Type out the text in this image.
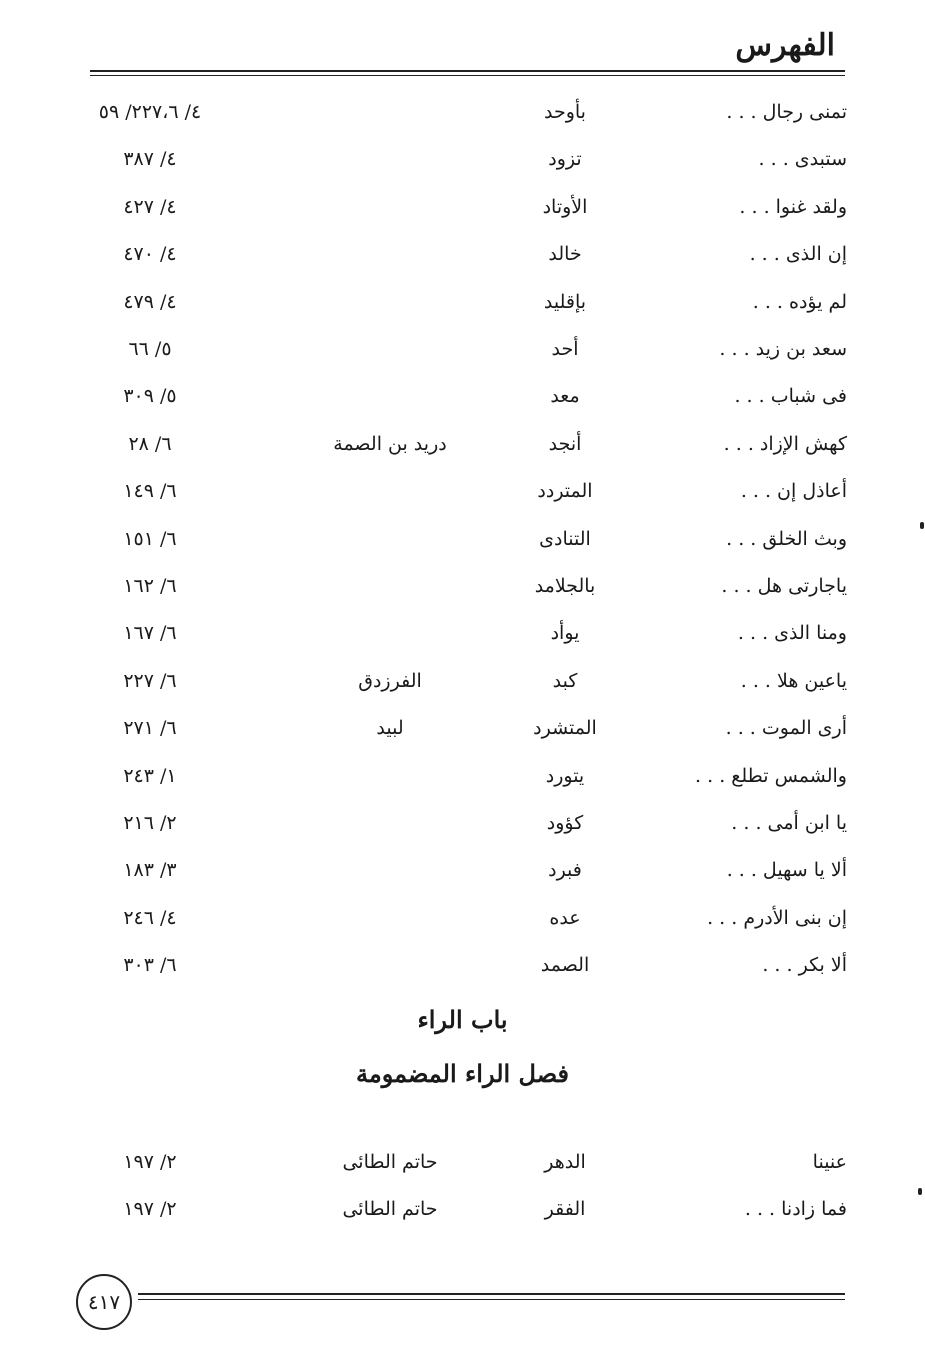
الفهرس
تمنى رجال . . .
بأوحد
٤/ ٢٢٧،٦/ ٥٩
ستبدى . . .
تزود
٤/ ٣٨٧
ولقد غنوا . . .
الأوتاد
٤/ ٤٢٧
إن الذى . . .
خالد
٤/ ٤٧٠
لم يؤده . . .
بإقليد
٤/ ٤٧٩
سعد بن زيد . . .
أحد
٥/ ٦٦
فى شباب . . .
معد
٥/ ٣٠٩
كهش الإزاد . . .
أنجد
دريد بن الصمة
٦/ ٢٨
أعاذل إن . . .
المتردد
٦/ ١٤٩
وبث الخلق . . .
التنادى
٦/ ١٥١
ياجارتى هل . . .
بالجلامد
٦/ ١٦٢
ومنا الذى . . .
يوأد
٦/ ١٦٧
ياعين هلا . . .
كبد
الفرزدق
٦/ ٢٢٧
أرى الموت . . .
المتشرد
لبيد
٦/ ٢٧١
والشمس تطلع . . .
يتورد
١/ ٢٤٣
يا ابن أمى . . .
كؤود
٢/ ٢١٦
ألا يا سهيل . . .
فبرد
٣/ ١٨٣
إن بنى الأدرم . . .
عده
٤/ ٢٤٦
ألا بكر . . .
الصمد
٦/ ٣٠٣
باب الراء
فصل الراء المضمومة
عنينا
الدهر
حاتم الطائى
٢/ ١٩٧
فما زادنا . . .
الفقر
حاتم الطائى
٢/ ١٩٧
٤١٧
